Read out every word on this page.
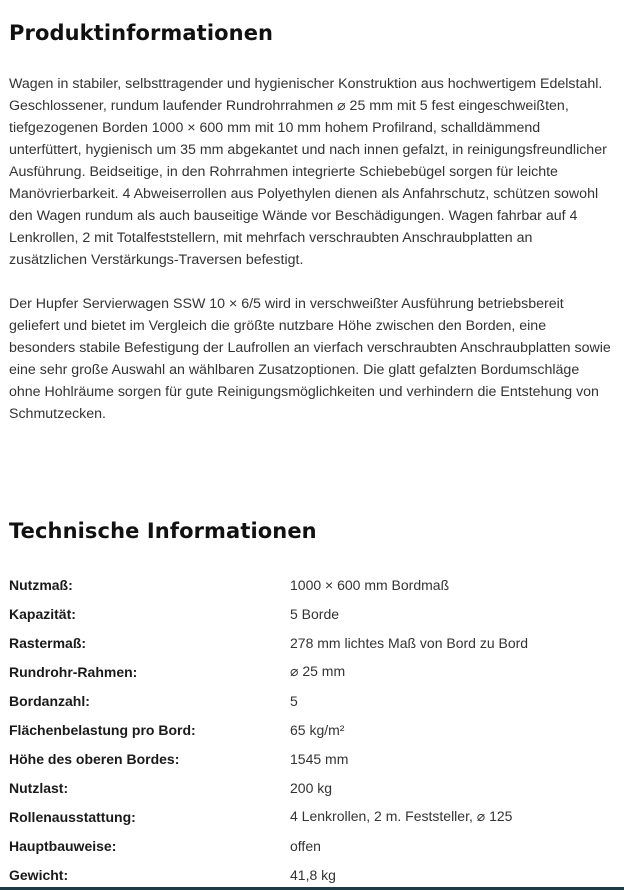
Produktinformationen

Wagen in stabiler, selbsttragender und hygienischer Konstruktion aus hochwertigem Edelstahl. Geschlossener, rundum laufender Rundrohrrahmen ⌀ 25 mm mit 5 fest eingeschweißten, tiefgezogenen Borden 1000 × 600 mm mit 10 mm hohem Profilrand, schalldämmend unterfüttert, hygienisch um 35 mm abgekantet und nach innen gefalzt, in reinigungsfreundlicher Ausführung. Beidseitige, in den Rohrrahmen integrierte Schiebebügel sorgen für leichte Manövrierbarkeit. 4 Abweiserrollen aus Polyethylen dienen als Anfahrschutz, schützen sowohl den Wagen rundum als auch bauseitige Wände vor Beschädigungen. Wagen fahrbar auf 4 Lenkrollen, 2 mit Totalfeststellern, mit mehrfach verschraubten Anschraubplatten an zusätzlichen Verstärkungs-Traversen befestigt.

Der Hupfer Servierwagen SSW 10 × 6/5 wird in verschweißter Ausführung betriebsbereit geliefert und bietet im Vergleich die größte nutzbare Höhe zwischen den Borden, eine besonders stabile Befestigung der Laufrollen an vierfach verschraubten Anschraubplatten sowie eine sehr große Auswahl an wählbaren Zusatzoptionen. Die glatt gefalzten Bordumschläge ohne Hohlräume sorgen für gute Reinigungsmöglichkeiten und verhindern die Entstehung von Schmutzecken.

Technische Informationen
Nutzmaß:	1000 × 600 mm Bordmaß
Kapazität:	5 Borde
Rastermaß:	278 mm lichtes Maß von Bord zu Bord
Rundrohr-Rahmen:	⌀ 25 mm
Bordanzahl:	5
Flächenbelastung pro Bord:	65 kg/m²
Höhe des oberen Bordes:	1545 mm
Nutzlast:	200 kg
Rollenausstattung:	4 Lenkrollen, 2 m. Feststeller, ⌀ 125
Hauptbauweise:	offen
Gewicht:	41,8 kg
